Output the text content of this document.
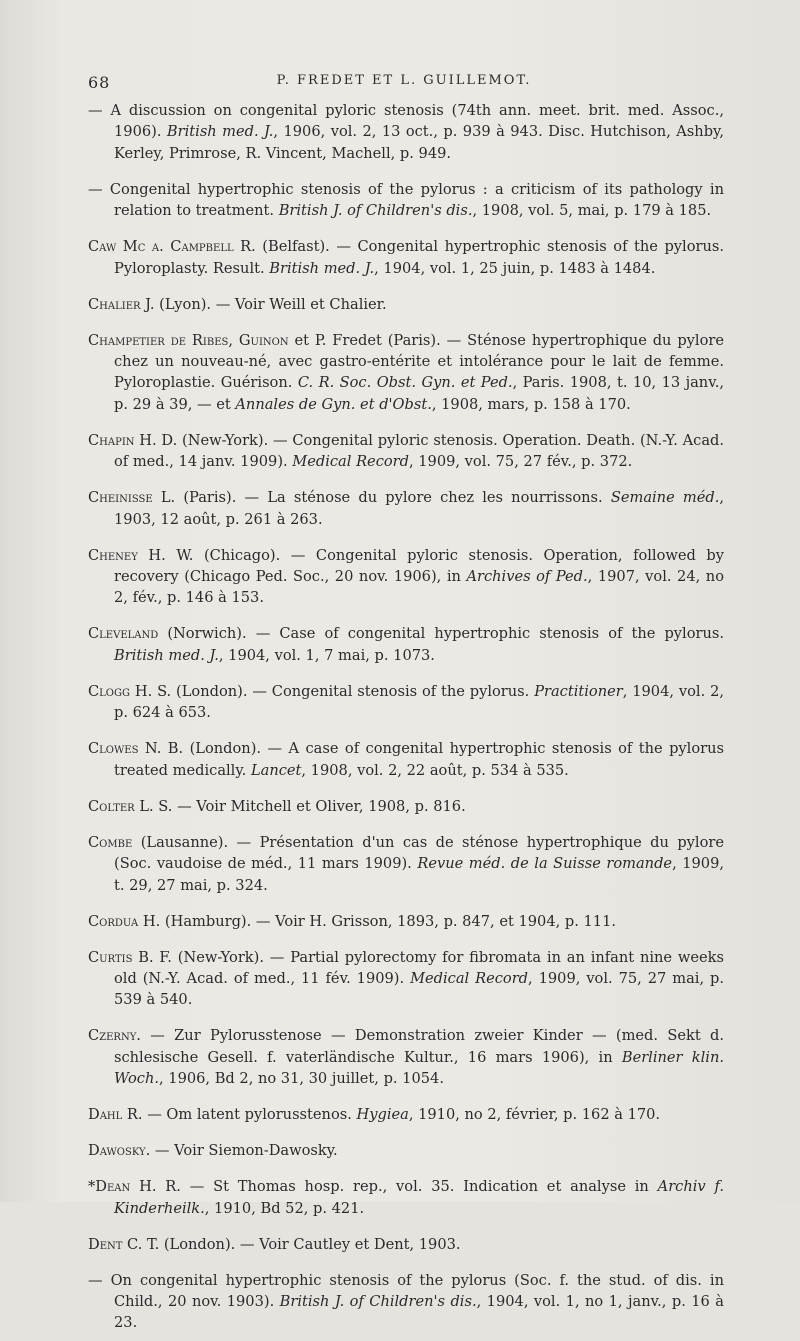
68	P. FREDET ET L. GUILLEMOT.

— A discussion on congenital pyloric stenosis (74th ann. meet. brit. med. Assoc., 1906). British med. J., 1906, vol. 2, 13 oct., p. 939 à 943. Disc. Hutchison, Ashby, Kerley, Primrose, R. Vincent, Machell, p. 949.

— Congenital hypertrophic stenosis of the pylorus : a criticism of its pathology in relation to treatment. British J. of Children's dis., 1908, vol. 5, mai, p. 179 à 185.

Caw Mc a. Campbell R. (Belfast). — Congenital hypertrophic stenosis of the pylorus. Pyloroplasty. Result. British med. J., 1904, vol. 1, 25 juin, p. 1483 à 1484.

Chalier J. (Lyon). — Voir Weill et Chalier.

Champetier de Ribes, Guinon et P. Fredet (Paris). — Sténose hypertrophique du pylore chez un nouveau-né, avec gastro-entérite et intolérance pour le lait de femme. Pyloroplastie. Guérison. C. R. Soc. Obst. Gyn. et Ped., Paris. 1908, t. 10, 13 janv., p. 29 à 39, — et Annales de Gyn. et d'Obst., 1908, mars, p. 158 à 170.

Chapin H. D. (New-York). — Congenital pyloric stenosis. Operation. Death. (N.-Y. Acad. of med., 14 janv. 1909). Medical Record, 1909, vol. 75, 27 fév., p. 372.

Cheinisse L. (Paris). — La sténose du pylore chez les nourrissons. Semaine méd., 1903, 12 août, p. 261 à 263.

Cheney H. W. (Chicago). — Congenital pyloric stenosis. Operation, followed by recovery (Chicago Ped. Soc., 20 nov. 1906), in Archives of Ped., 1907, vol. 24, no 2, fév., p. 146 à 153.

Cleveland (Norwich). — Case of congenital hypertrophic stenosis of the pylorus. British med. J., 1904, vol. 1, 7 mai, p. 1073.

Clogg H. S. (London). — Congenital stenosis of the pylorus. Practitioner, 1904, vol. 2, p. 624 à 653.

Clowes N. B. (London). — A case of congenital hypertrophic stenosis of the pylorus treated medically. Lancet, 1908, vol. 2, 22 août, p. 534 à 535.

Colter L. S. — Voir Mitchell et Oliver, 1908, p. 816.

Combe (Lausanne). — Présentation d'un cas de sténose hypertrophique du pylore (Soc. vaudoise de méd., 11 mars 1909). Revue méd. de la Suisse romande, 1909, t. 29, 27 mai, p. 324.

Cordua H. (Hamburg). — Voir H. Grisson, 1893, p. 847, et 1904, p. 111.

Curtis B. F. (New-York). — Partial pylorectomy for fibromata in an infant nine weeks old (N.-Y. Acad. of med., 11 fév. 1909). Medical Record, 1909, vol. 75, 27 mai, p. 539 à 540.

Czerny. — Zur Pylorusstenose — Demonstration zweier Kinder — (med. Sekt d. schlesische Gesell. f. vaterländische Kultur., 16 mars 1906), in Berliner klin. Woch., 1906, Bd 2, no 31, 30 juillet, p. 1054.

Dahl R. — Om latent pylorusstenos. Hygiea, 1910, no 2, février, p. 162 à 170.

Dawosky. — Voir Siemon-Dawosky.

*Dean H. R. — St Thomas hosp. rep., vol. 35. Indication et analyse in Archiv f. Kinderheilk., 1910, Bd 52, p. 421.

Dent C. T. (London). — Voir Cautley et Dent, 1903.

— On congenital hypertrophic stenosis of the pylorus (Soc. f. the stud. of dis. in Child., 20 nov. 1903). British J. of Children's dis., 1904, vol. 1, no 1, janv., p. 16 à 23.
